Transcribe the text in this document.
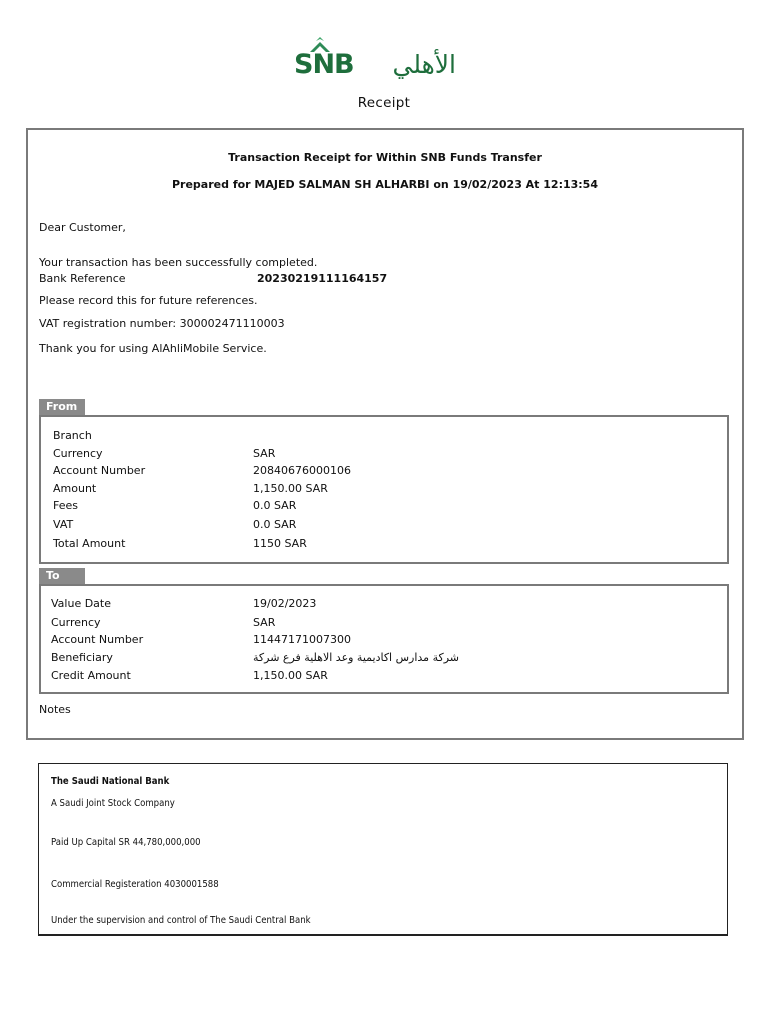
SNB الأهلي
Receipt
Transaction Receipt for Within SNB Funds Transfer
Prepared for MAJED SALMAN SH ALHARBI on 19/02/2023 At 12:13:54
Dear Customer,
Your transaction has been successfully completed.
Bank Reference	20230219111164157
Please record this for future references.
VAT registration number: 300002471110003
Thank you for using AlAhliMobile Service.
From
Branch
Currency	SAR
Account Number	20840676000106
Amount	1,150.00 SAR
Fees	0.0 SAR
VAT	0.0 SAR
Total Amount	1150 SAR
To
Value Date	19/02/2023
Currency	SAR
Account Number	11447171007300
Beneficiary	شركة مدارس اكاديمية وعد الاهلية فرع شركة
Credit Amount	1,150.00 SAR
Notes
The Saudi National Bank
A Saudi Joint Stock Company
Paid Up Capital SR 44,780,000,000
Commercial Registeration 4030001588
Under the supervision and control of The Saudi Central Bank
